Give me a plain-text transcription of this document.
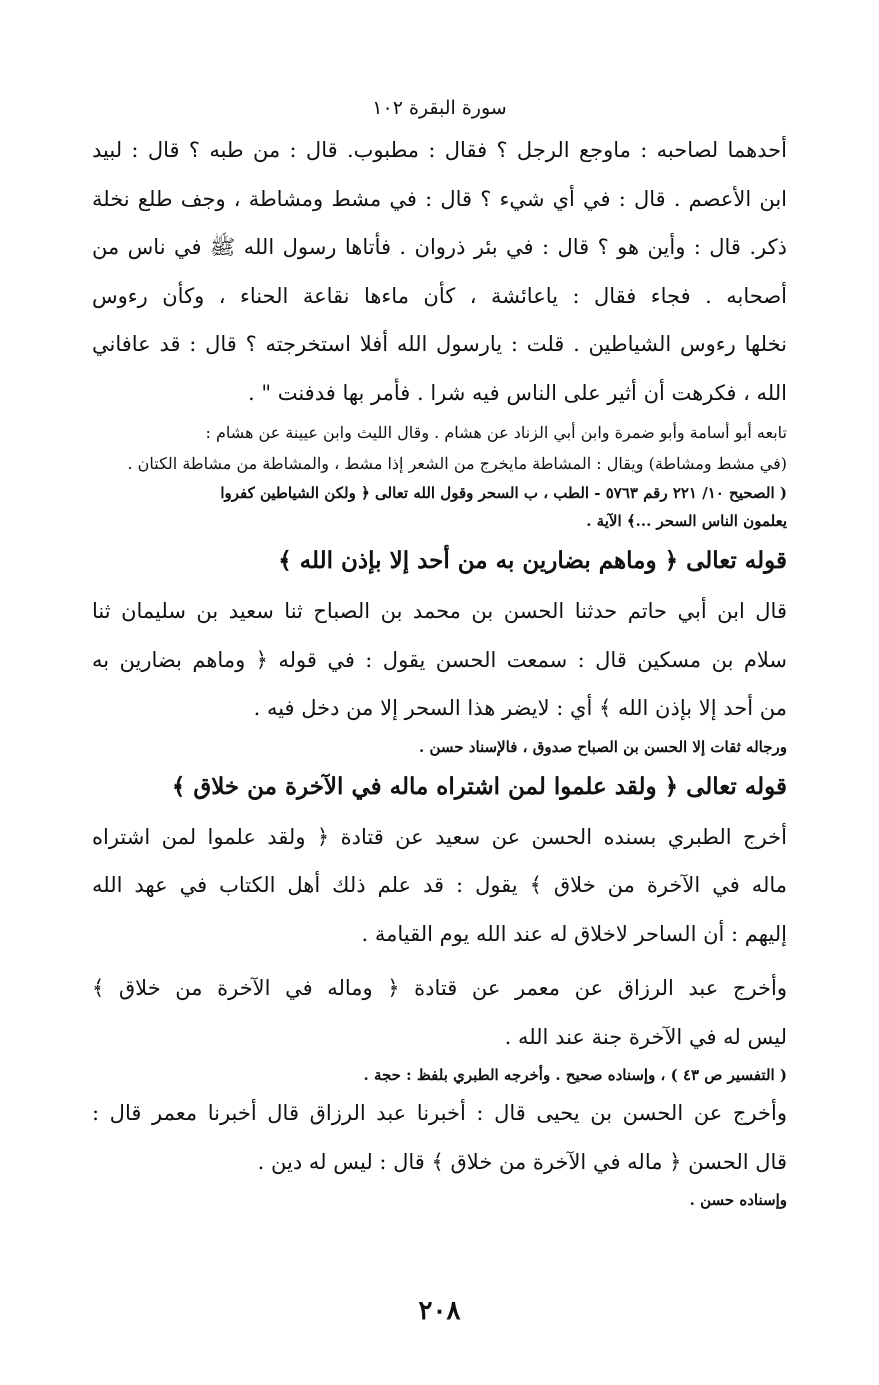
سورة البقرة ١٠٢
أحدهما لصاحبه : ماوجع الرجل ؟ فقال : مطبوب. قال : من طبه ؟ قال : لبيد
ابن الأعصم . قال : في أي شيء ؟ قال : في مشط ومشاطة ، وجف طلع نخلة
ذكر. قال : وأين هو ؟ قال : في بئر ذروان . فأتاها رسول الله ﷺ في ناس من
أصحابه . فجاء فقال : ياعائشة ، كأن ماءها نقاعة الحناء ، وكأن رءوس
نخلها رءوس الشياطين . قلت : يارسول الله أفلا استخرجته ؟ قال : قد عافاني
الله ، فكرهت أن أثير على الناس فيه شرا . فأمر بها فدفنت " .
تابعه أبو أسامة وأبو ضمرة وابن أبي الزناد عن هشام . وقال الليث وابن عيينة عن هشام :
(في مشط ومشاطة) ويقال : المشاطة مايخرج من الشعر إذا مشط ، والمشاطة من مشاطة الكتان .
( الصحيح ١٠/ ٢٢١ رقم ٥٧٦٣ - الطب ، ب السحر وقول الله تعالى ﴿ ولكن الشياطين كفروا
يعلمون الناس السحر ...﴾ الآية .
قوله تعالى ﴿ وماهم بضارين به من أحد إلا بإذن الله ﴾
قال ابن أبي حاتم حدثنا الحسن بن محمد بن الصباح ثنا سعيد بن سليمان ثنا
سلام بن مسكين قال : سمعت الحسن يقول : في قوله ﴿ وماهم بضارين به
من أحد إلا بإذن الله ﴾ أي : لايضر هذا السحر إلا من دخل فيه .
ورجاله ثقات إلا الحسن بن الصباح صدوق ، فالإسناد حسن .
قوله تعالى ﴿ ولقد علموا لمن اشتراه ماله في الآخرة من خلاق ﴾
أخرج الطبري بسنده الحسن عن سعيد عن قتادة ﴿ ولقد علموا لمن اشتراه
ماله في الآخرة من خلاق ﴾ يقول : قد علم ذلك أهل الكتاب في عهد الله
إليهم : أن الساحر لاخلاق له عند الله يوم القيامة .
وأخرج عبد الرزاق عن معمر عن قتادة ﴿ وماله في الآخرة من خلاق ﴾
ليس له في الآخرة جنة عند الله .
( التفسير ص ٤٣ ) ، وإسناده صحيح . وأخرجه الطبري بلفظ : حجة .
وأخرج عن الحسن بن يحيى قال : أخبرنا عبد الرزاق قال أخبرنا معمر قال :
قال الحسن ﴿ ماله في الآخرة من خلاق ﴾ قال : ليس له دين .
وإسناده حسن .
٢٠٨
